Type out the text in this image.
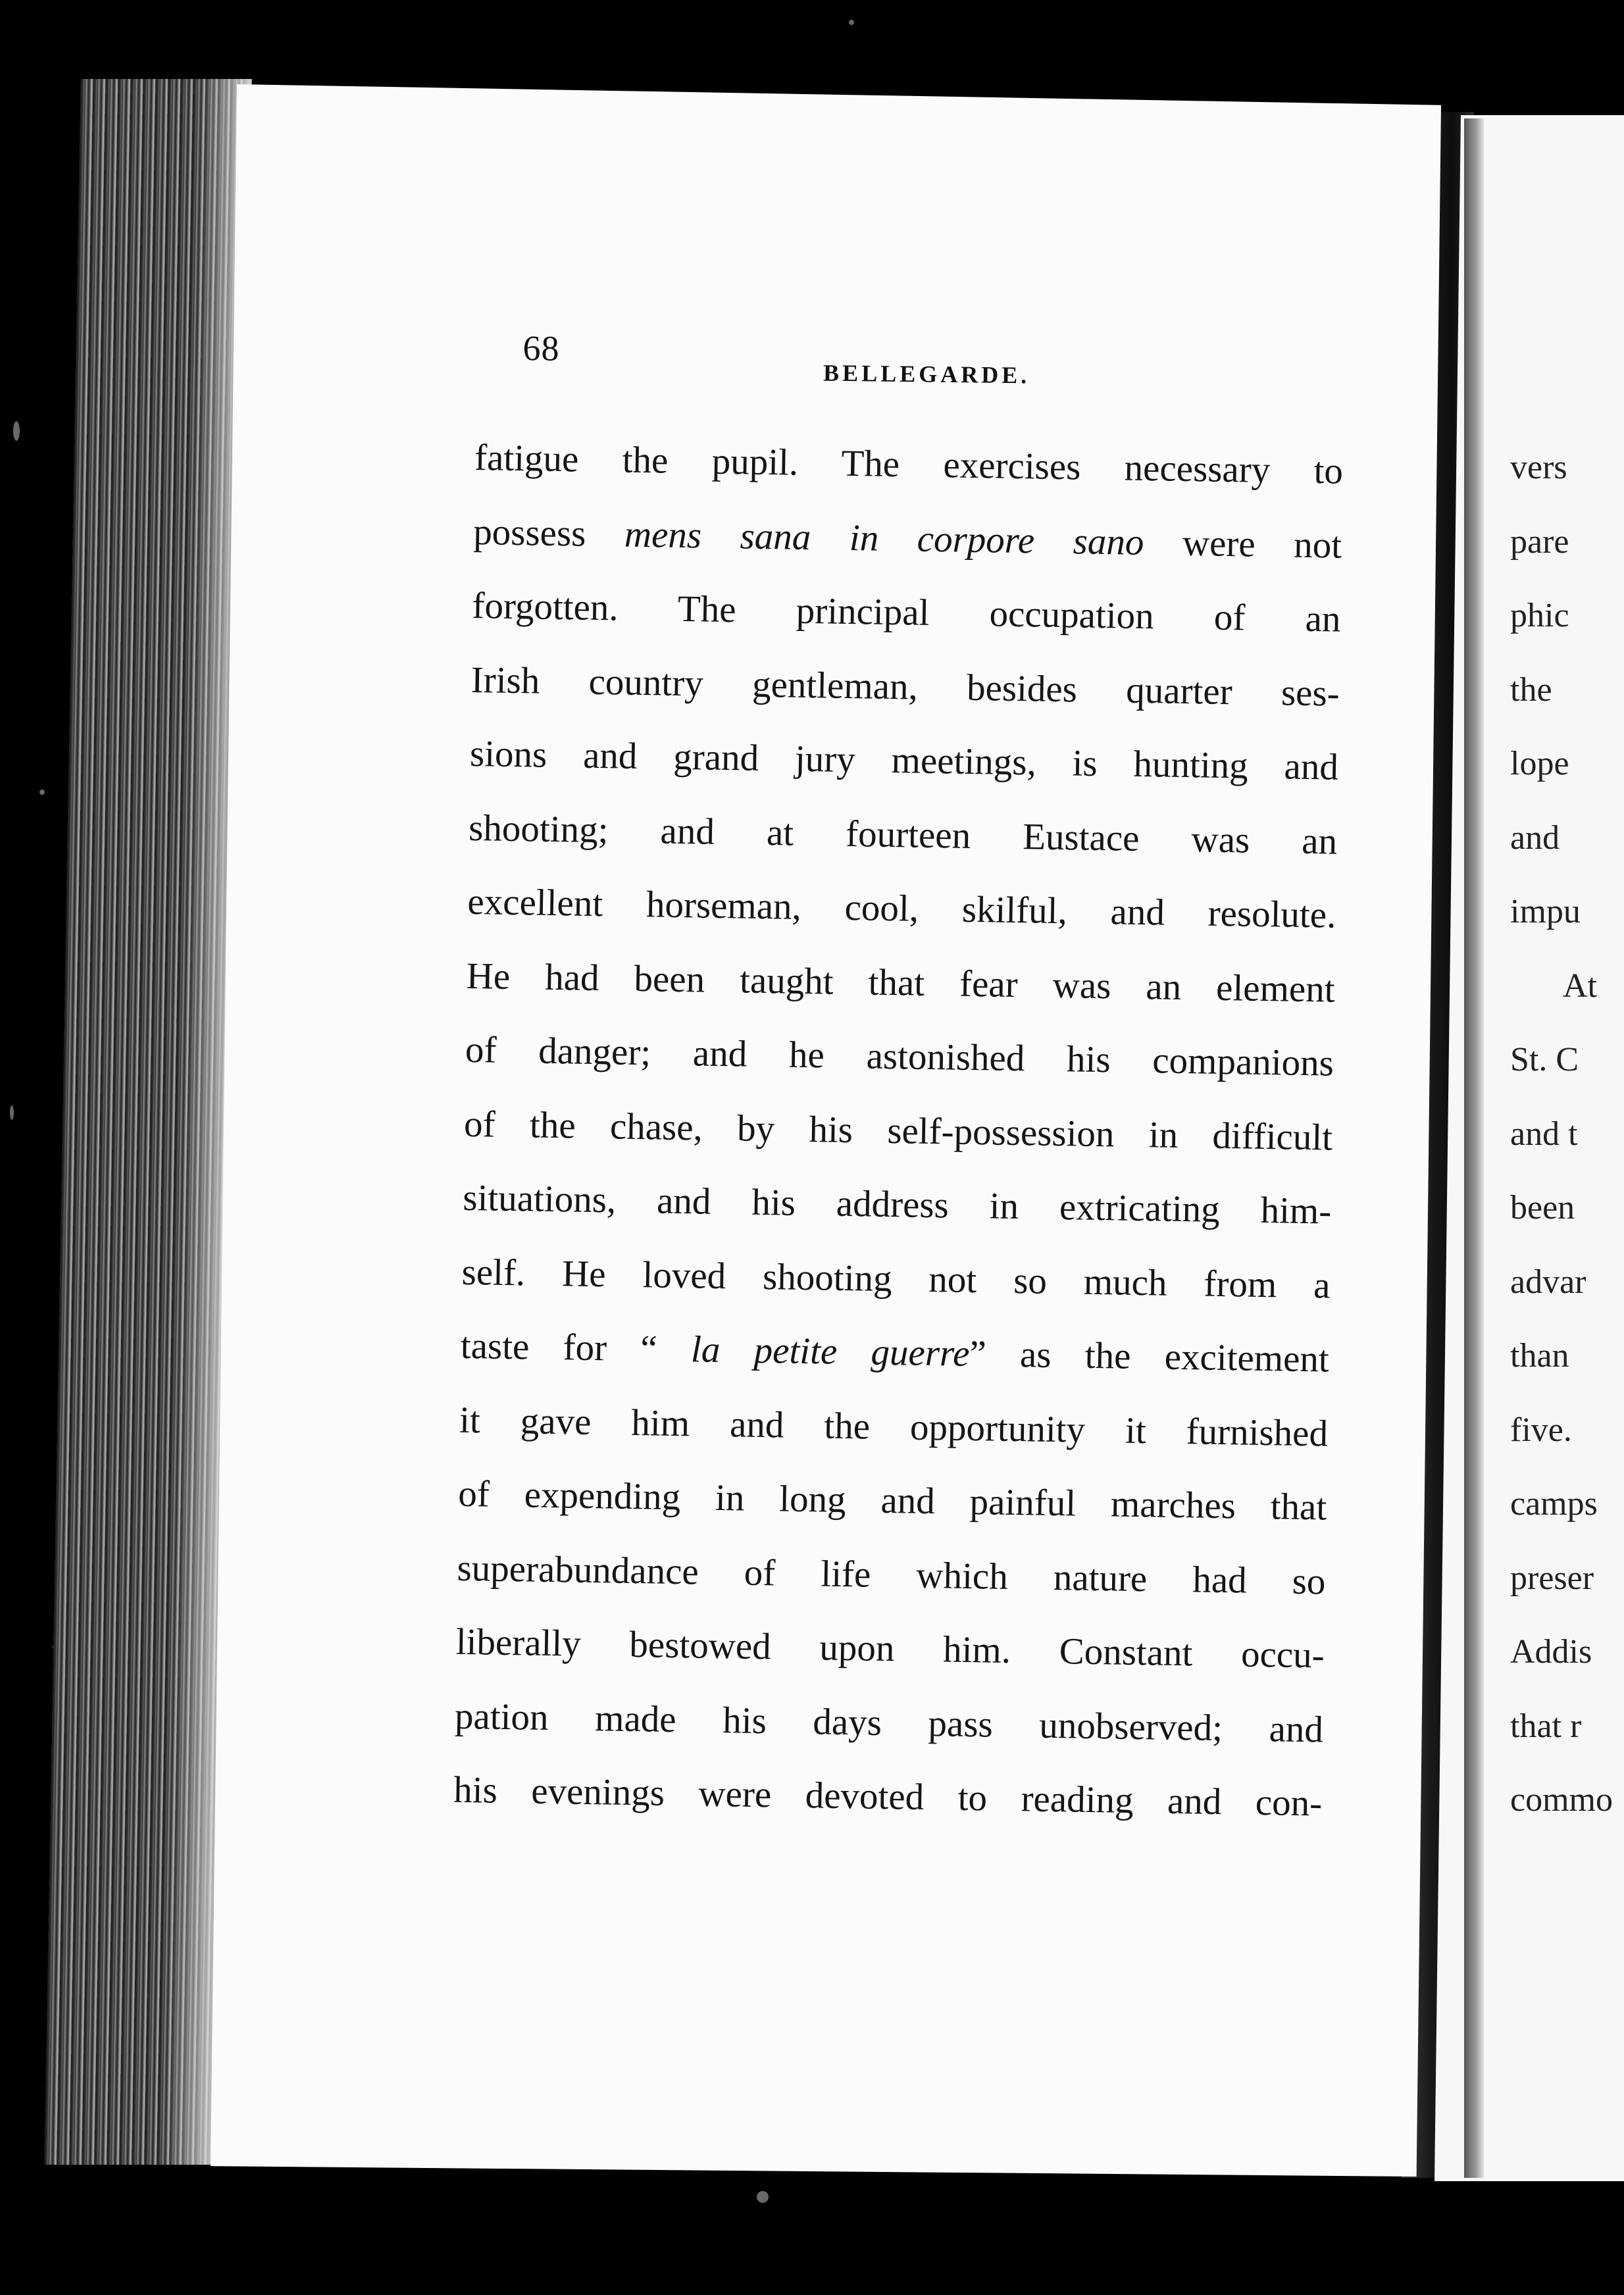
68
BELLEGARDE.
fatigue the pupil. The exercises necessary to
possess mens sana in corpore sano were not
forgotten. The principal occupation of an
Irish country gentleman, besides quarter ses-
sions and grand jury meetings, is hunting and
shooting; and at fourteen Eustace was an
excellent horseman, cool, skilful, and resolute.
He had been taught that fear was an element
of danger; and he astonished his companions
of the chase, by his self-possession in difficult
situations, and his address in extricating him-
self. He loved shooting not so much from a
taste for “ la petite guerre” as the excitement
it gave him and the opportunity it furnished
of expending in long and painful marches that
superabundance of life which nature had so
liberally bestowed upon him. Constant occu-
pation made his days pass unobserved; and
his evenings were devoted to reading and con-
vers
pare
phic
the
lope
and
impu
At
St. C
and t
been
advar
than
five.
camps
preser
Addis
that r
commo
